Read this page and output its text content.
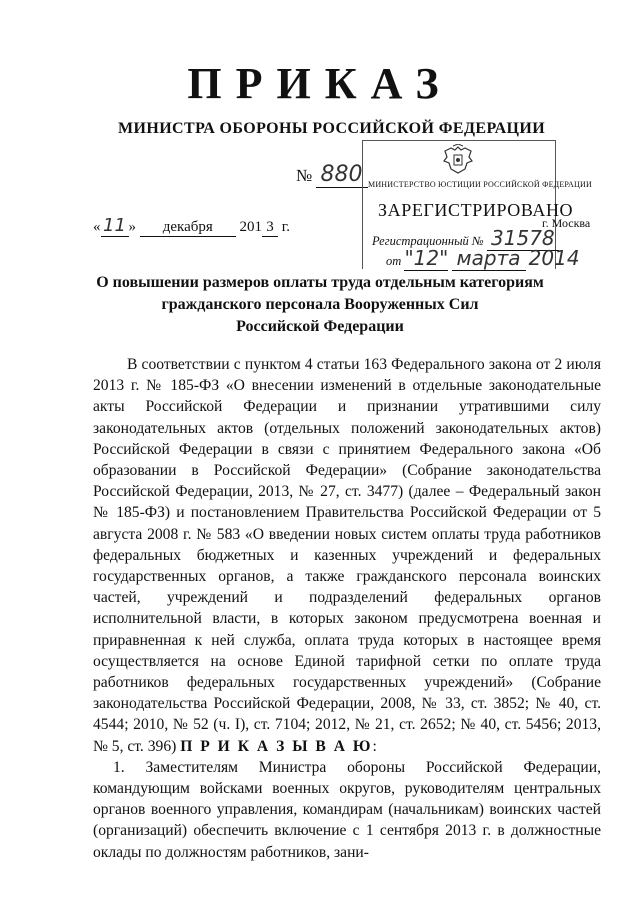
ПРИКАЗ
МИНИСТРА ОБОРОНЫ РОССИЙСКОЙ ФЕДЕРАЦИИ
№ 880
« 11 » декабря 201 3 г.
МИНИСТЕРСТВО ЮСТИЦИИ РОССИЙСКОЙ ФЕДЕРАЦИИ
ЗАРЕГИСТРИРОВАНО
г. Москва
Регистрационный № 31578
от "12" марта 2014
О повышении размеров оплаты труда отдельным категориям
гражданского персонала Вооруженных Сил
Российской Федерации

В соответствии с пунктом 4 статьи 163 Федерального закона от 2 июля 2013 г. № 185-ФЗ «О внесении изменений в отдельные законодательные акты Российской Федерации и признании утратившими силу законодательных актов (отдельных положений законодательных актов) Российской Федерации в связи с принятием Федерального закона «Об образовании в Российской Федерации» (Собрание законодательства Российской Федерации, 2013, № 27, ст. 3477) (далее – Федеральный закон № 185-ФЗ) и постановлением Правительства Российской Федерации от 5 августа 2008 г. № 583 «О введении новых систем оплаты труда работников федеральных бюджетных и казенных учреждений и федеральных государственных органов, а также гражданского персонала воинских частей, учреждений и подразделений федеральных органов исполнительной власти, в которых законом предусмотрена военная и приравненная к ней служба, оплата труда которых в настоящее время осуществляется на основе Единой тарифной сетки по оплате труда работников федеральных государственных учреждений» (Собрание законодательства Российской Федерации, 2008, № 33, ст. 3852; № 40, ст. 4544; 2010, № 52 (ч. I), ст. 7104; 2012, № 21, ст. 2652; № 40, ст. 5456; 2013, № 5, ст. 396) П Р И К А З Ы В А Ю:

1. Заместителям Министра обороны Российской Федерации, командующим войсками военных округов, руководителям центральных органов военного управления, командирам (начальникам) воинских частей (организаций) обеспечить включение с 1 сентября 2013 г. в должностные оклады по должностям работников, зани-
